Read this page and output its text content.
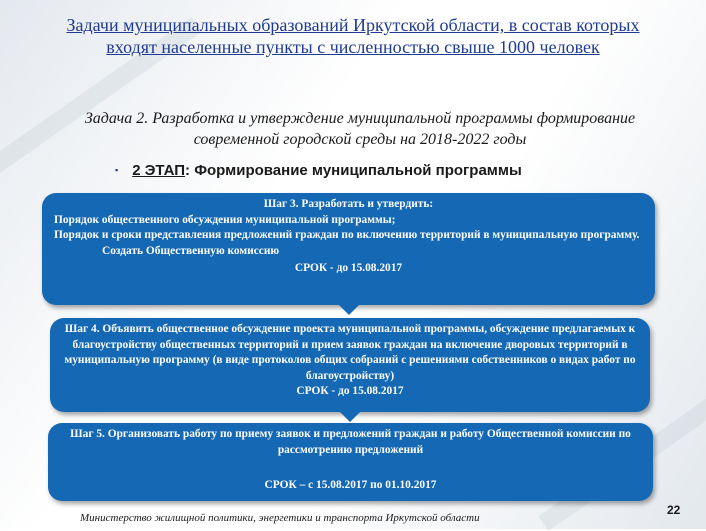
Задачи муниципальных образований Иркутской области, в состав которых входят населенные пункты с численностью свыше 1000 человек

Задача 2. Разработка и утверждение муниципальной программы формирование современной городской среды на 2018-2022 годы

▪ 2 ЭТАП: Формирование муниципальной программы

Шаг 3. Разработать и утвердить:

Порядок общественного обсуждения муниципальной программы;

Порядок и сроки представления предложений граждан по включению территорий в муниципальную программу.

Создать Общественную комиссию

СРОК - до 15.08.2017

Шаг 4. Объявить общественное обсуждение проекта муниципальной программы, обсуждение предлагаемых к благоустройству общественных территорий и прием заявок граждан на включение дворовых территорий в муниципальную программу (в виде протоколов общих собраний с решениями собственников о видах работ по благоустройству)

СРОК - до 15.08.2017

Шаг 5. Организовать работу по приему заявок и предложений граждан и работу Общественной комиссии по рассмотрению предложений

СРОК – с 15.08.2017 по 01.10.2017

Министерство жилищной политики, энергетики и транспорта Иркутской области
22
